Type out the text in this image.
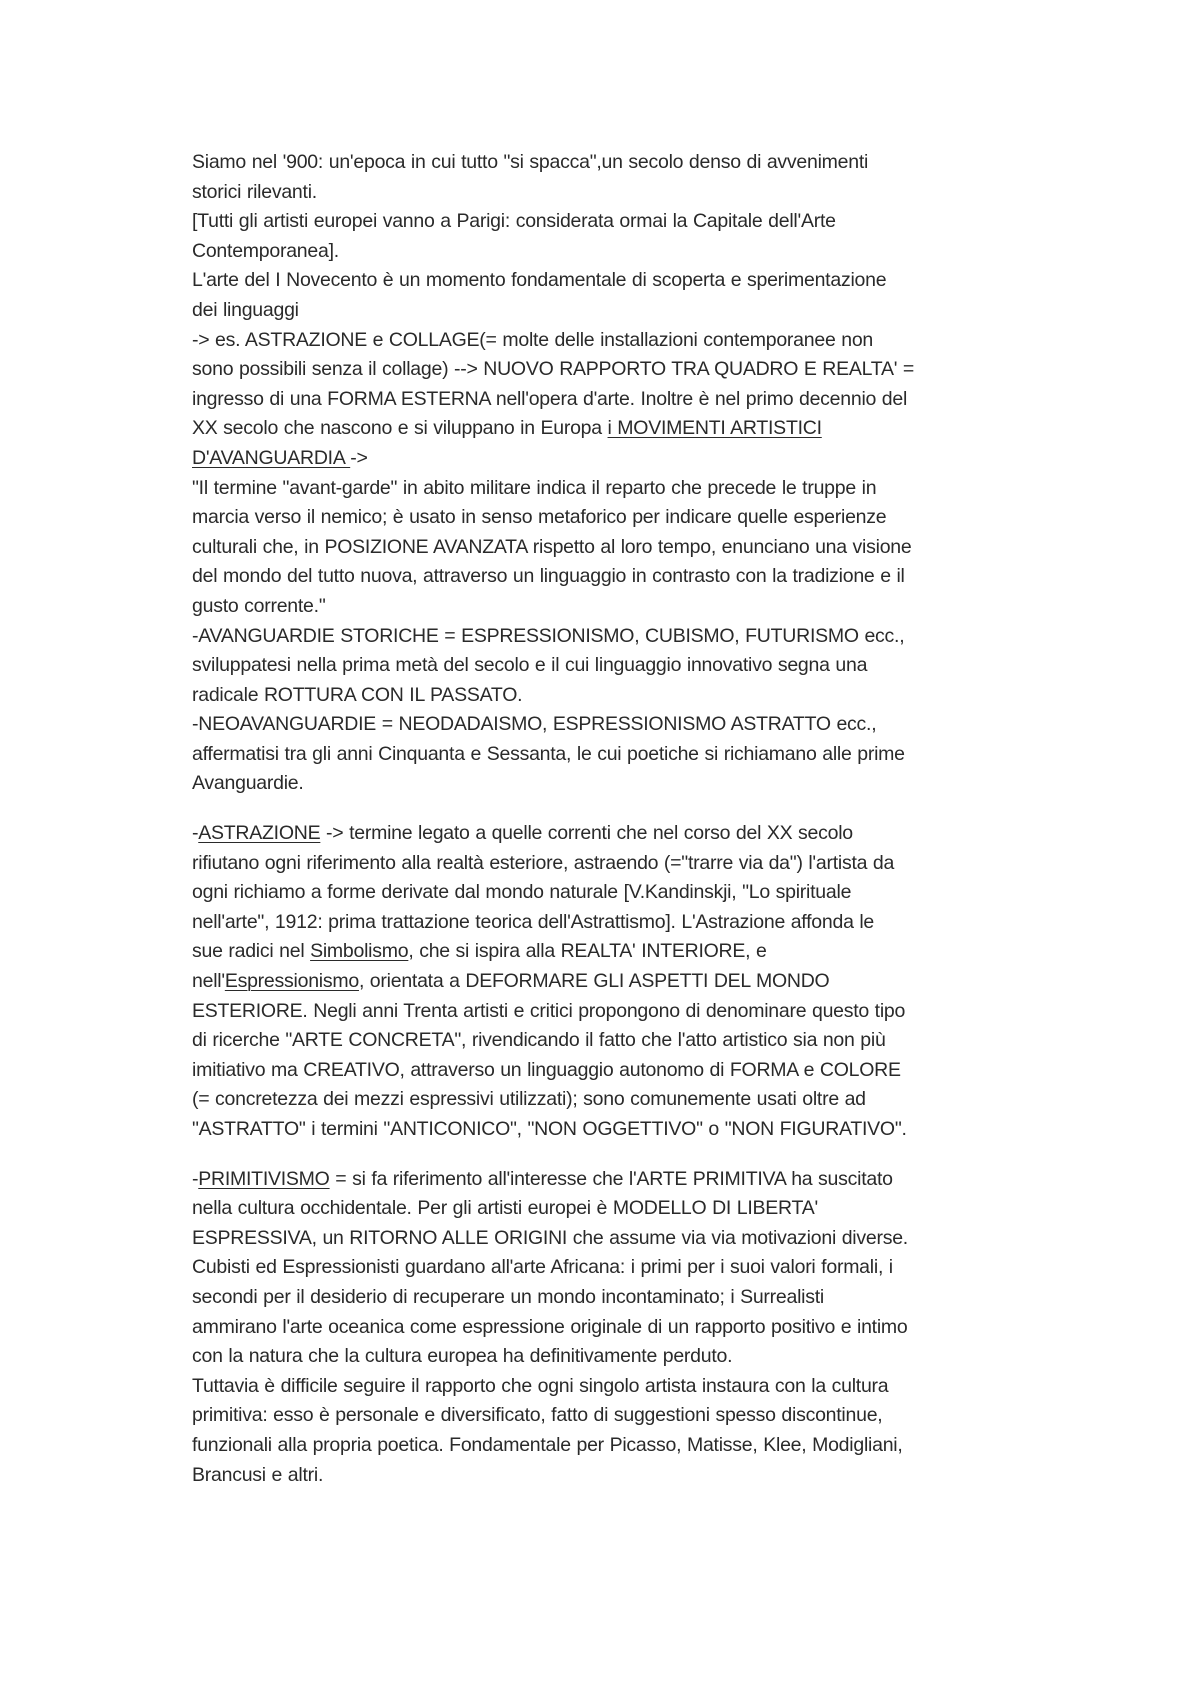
Siamo nel '900: un'epoca in cui tutto "si spacca",un secolo denso di avvenimenti
storici rilevanti.
[Tutti gli artisti europei vanno a Parigi: considerata ormai la Capitale dell'Arte
Contemporanea].
L'arte del I Novecento è un momento fondamentale di scoperta e sperimentazione
dei linguaggi
-> es. ASTRAZIONE e COLLAGE(= molte delle installazioni contemporanee non
sono possibili senza il collage) --> NUOVO RAPPORTO TRA QUADRO E REALTA' =
ingresso di una FORMA ESTERNA nell'opera d'arte. Inoltre è nel primo decennio del
XX secolo che nascono e si viluppano in Europa i MOVIMENTI ARTISTICI
D'AVANGUARDIA ->
"Il termine "avant-garde" in abito militare indica il reparto che precede le truppe in
marcia verso il nemico; è usato in senso metaforico per indicare quelle esperienze
culturali che, in POSIZIONE AVANZATA rispetto al loro tempo, enunciano una visione
del mondo del tutto nuova, attraverso un linguaggio in contrasto con la tradizione e il
gusto corrente."
-AVANGUARDIE STORICHE = ESPRESSIONISMO, CUBISMO, FUTURISMO ecc.,
sviluppatesi nella prima metà del secolo e il cui linguaggio innovativo segna una
radicale ROTTURA CON IL PASSATO.
-NEOAVANGUARDIE = NEODADAISMO, ESPRESSIONISMO ASTRATTO ecc.,
affermatisi tra gli anni Cinquanta e Sessanta, le cui poetiche si richiamano alle prime
Avanguardie.
-ASTRAZIONE -> termine legato a quelle correnti che nel corso del XX secolo
rifiutano ogni riferimento alla realtà esteriore, astraendo (="trarre via da") l'artista da
ogni richiamo a forme derivate dal mondo naturale [V.Kandinskji, "Lo spirituale
nell'arte", 1912: prima trattazione teorica dell'Astrattismo]. L'Astrazione affonda le
sue radici nel Simbolismo, che si ispira alla REALTA' INTERIORE, e
nell'Espressionismo, orientata a DEFORMARE GLI ASPETTI DEL MONDO
ESTERIORE. Negli anni Trenta artisti e critici propongono di denominare questo tipo
di ricerche "ARTE CONCRETA", rivendicando il fatto che l'atto artistico sia non più
imitiativo ma CREATIVO, attraverso un linguaggio autonomo di FORMA e COLORE
(= concretezza dei mezzi espressivi utilizzati); sono comunemente usati oltre ad
"ASTRATTO" i termini "ANTICONICO", "NON OGGETTIVO" o "NON FIGURATIVO".
-PRIMITIVISMO = si fa riferimento all'interesse che l'ARTE PRIMITIVA ha suscitato
nella cultura occhidentale. Per gli artisti europei è MODELLO DI LIBERTA'
ESPRESSIVA, un RITORNO ALLE ORIGINI che assume via via motivazioni diverse.
Cubisti ed Espressionisti guardano all'arte Africana: i primi per i suoi valori formali, i
secondi per il desiderio di recuperare un mondo incontaminato; i Surrealisti
ammirano l'arte oceanica come espressione originale di un rapporto positivo e intimo
con la natura che la cultura europea ha definitivamente perduto.
Tuttavia è difficile seguire il rapporto che ogni singolo artista instaura con la cultura
primitiva: esso è personale e diversificato, fatto di suggestioni spesso discontinue,
funzionali alla propria poetica. Fondamentale per Picasso, Matisse, Klee, Modigliani,
Brancusi e altri.
